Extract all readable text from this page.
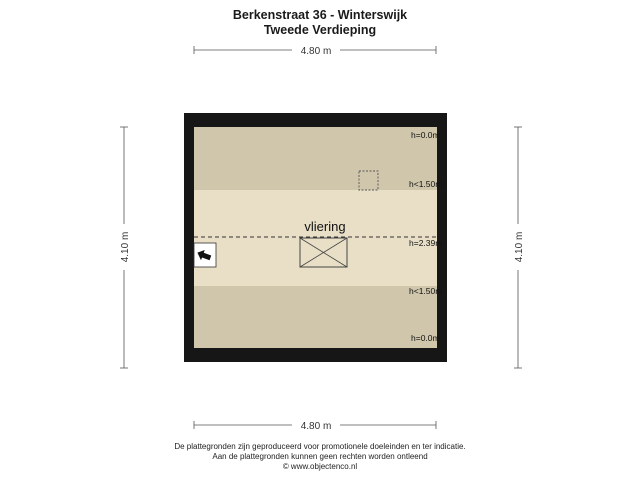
Berkenstraat 36 - Winterswijk
Tweede Verdieping
4.80 m
4.80 m
4.10 m	4.10 m
vliering
h=0.0m
h<1.50m
h=2.39m
h<1.50m
h=0.0m
De plattegronden zijn geproduceerd voor promotionele doeleinden en ter indicatie.
Aan de plattegronden kunnen geen rechten worden ontleend
© www.objectenco.nl
